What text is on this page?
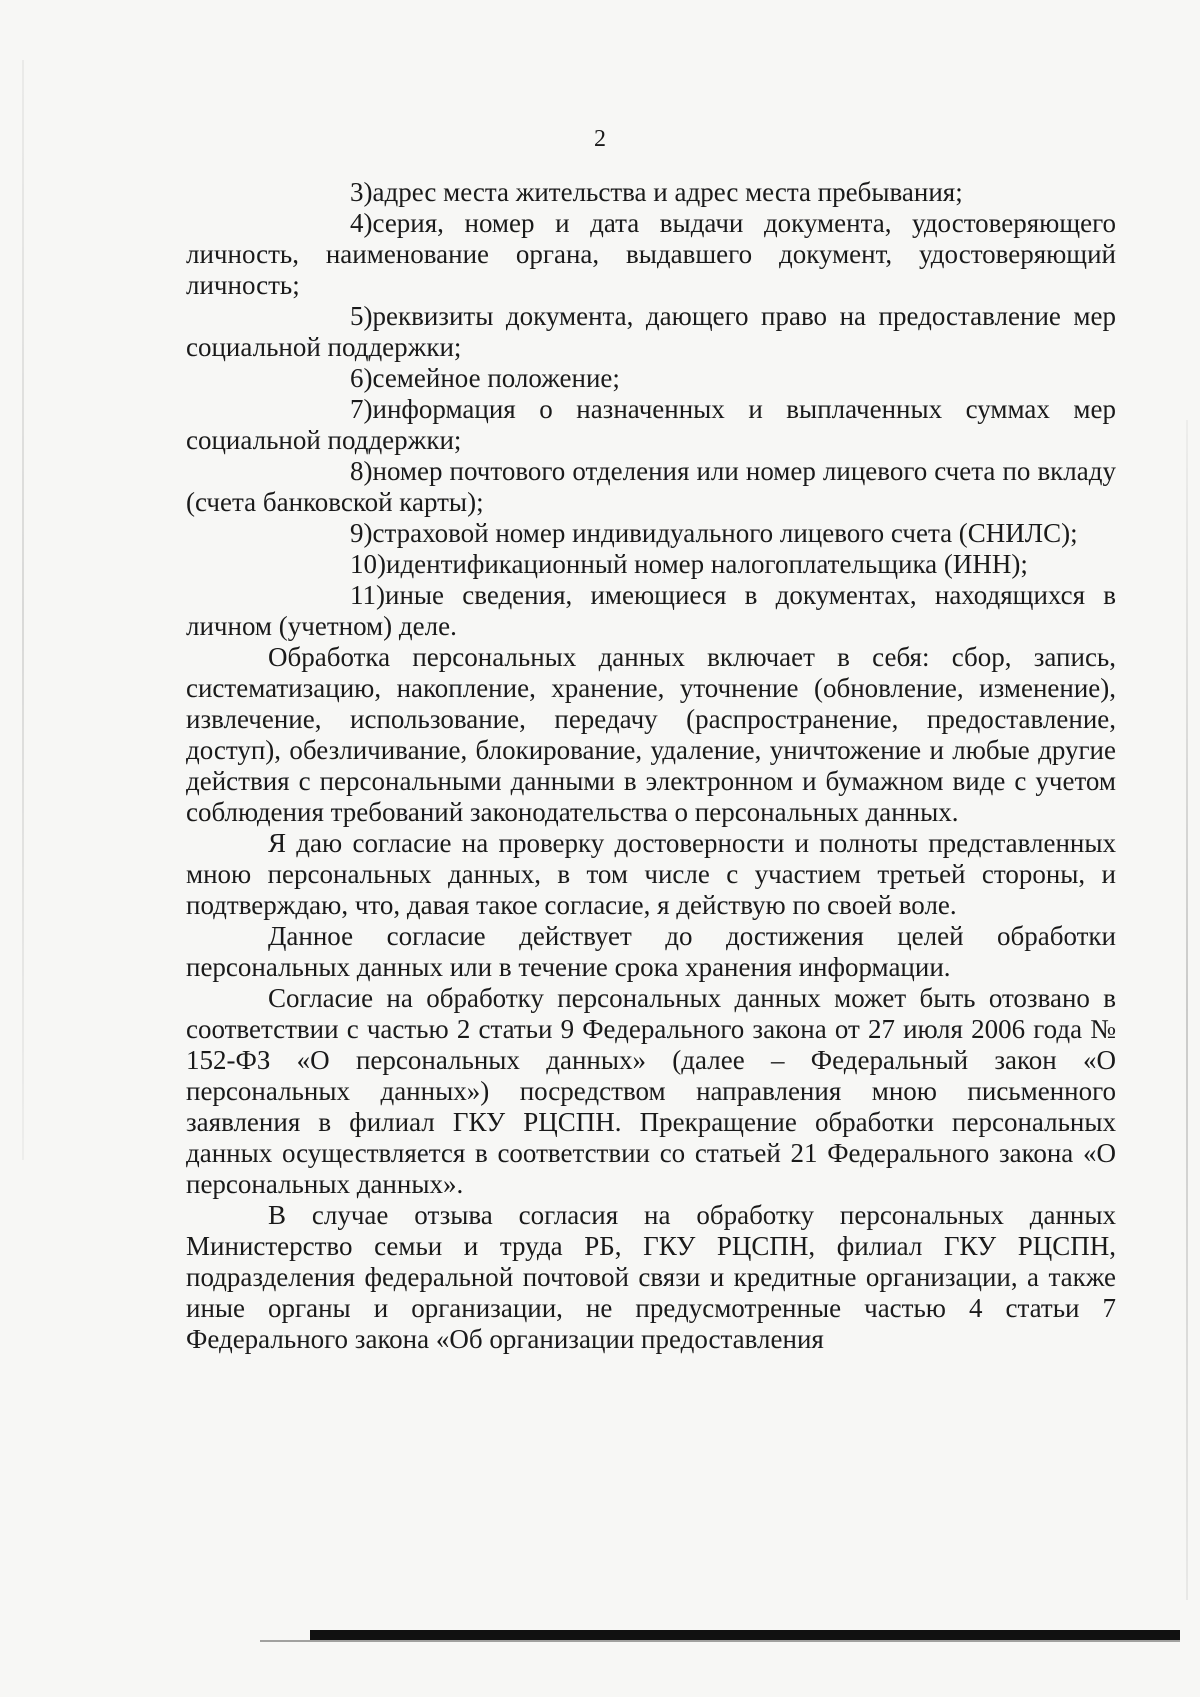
2

3)адрес места жительства и адрес места пребывания;

4)серия, номер и дата выдачи документа, удостоверяющего личность, наименование органа, выдавшего документ, удостоверяющий личность;

5)реквизиты документа, дающего право на предоставление мер социальной поддержки;

6)семейное положение;

7)информация о назначенных и выплаченных суммах мер социальной поддержки;

8)номер почтового отделения или номер лицевого счета по вкладу (счета банковской карты);

9)страховой номер индивидуального лицевого счета (СНИЛС);

10)идентификационный номер налогоплательщика (ИНН);

11)иные сведения, имеющиеся в документах, находящихся в личном (учетном) деле.

Обработка персональных данных включает в себя: сбор, запись, систематизацию, накопление, хранение, уточнение (обновление, изменение), извлечение, использование, передачу (распространение, предоставление, доступ), обезличивание, блокирование, удаление, уничтожение и любые другие действия с персональными данными в электронном и бумажном виде с учетом соблюдения требований законодательства о персональных данных.

Я даю согласие на проверку достоверности и полноты представленных мною персональных данных, в том числе с участием третьей стороны, и подтверждаю, что, давая такое согласие, я действую по своей воле.

Данное согласие действует до достижения целей обработки персональных данных или в течение срока хранения информации.

Согласие на обработку персональных данных может быть отозвано в соответствии с частью 2 статьи 9 Федерального закона от 27 июля 2006 года № 152-ФЗ «О персональных данных» (далее – Федеральный закон «О персональных данных») посредством направления мною письменного заявления в филиал ГКУ РЦСПН. Прекращение обработки персональных данных осуществляется в соответствии со статьей 21 Федерального закона «О персональных данных».

В случае отзыва согласия на обработку персональных данных Министерство семьи и труда РБ, ГКУ РЦСПН, филиал ГКУ РЦСПН, подразделения федеральной почтовой связи и кредитные организации, а также иные органы и организации, не предусмотренные частью 4 статьи 7 Федерального закона «Об организации предоставления
